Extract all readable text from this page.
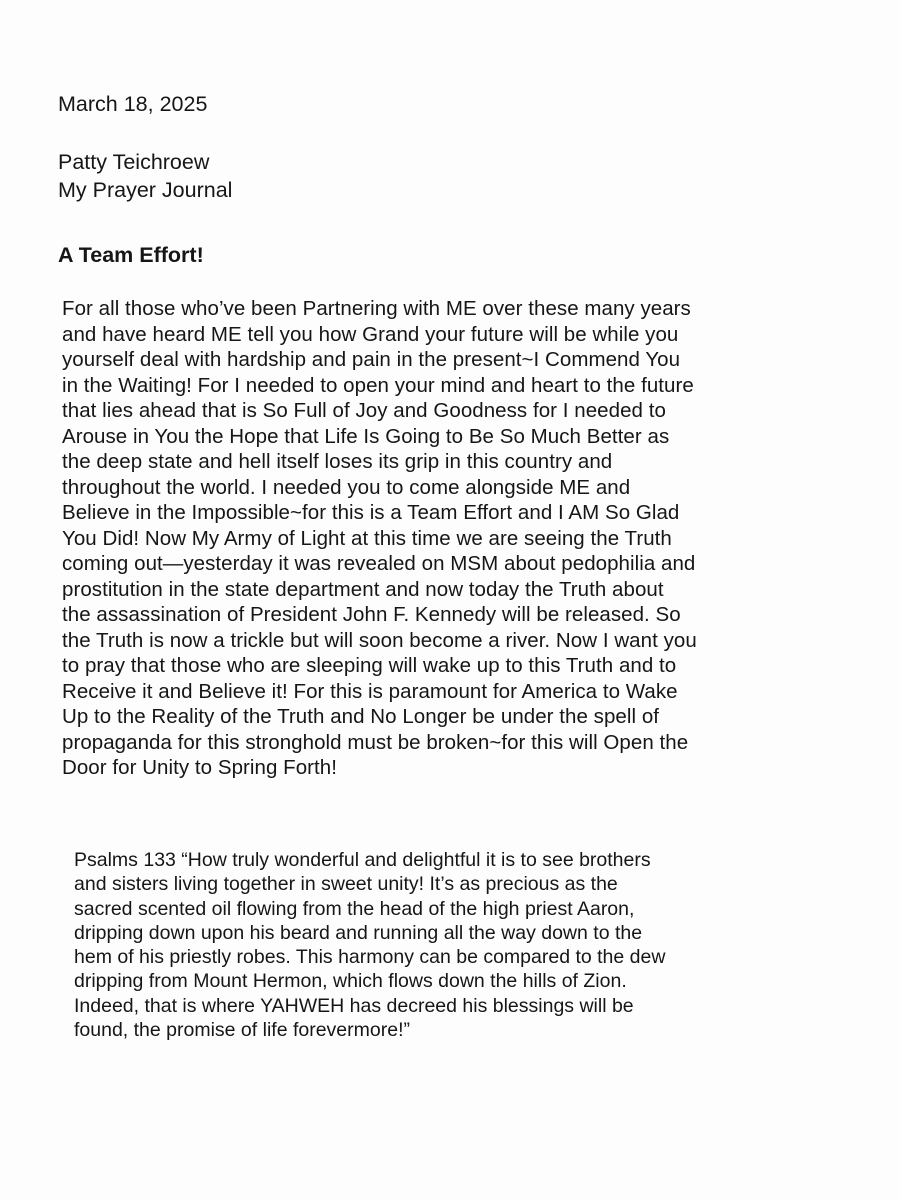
March 18, 2025
Patty Teichroew
My Prayer Journal
A Team Effort!
For all those who’ve been Partnering with ME over these many years
and have heard ME tell you how Grand your future will be while you
yourself deal with hardship and pain in the present~I Commend You
in the Waiting! For I needed to open your mind and heart to the future
that lies ahead that is So Full of Joy and Goodness for I needed to
Arouse in You the Hope that Life Is Going to Be So Much Better as
the deep state and hell itself loses its grip in this country and
throughout the world. I needed you to come alongside ME and
Believe in the Impossible~for this is a Team Effort and I AM So Glad
You Did! Now My Army of Light at this time we are seeing the Truth
coming out—yesterday it was revealed on MSM about pedophilia and
prostitution in the state department and now today the Truth about
the assassination of President John F. Kennedy will be released. So
the Truth is now a trickle but will soon become a river. Now I want you
to pray that those who are sleeping will wake up to this Truth and to
Receive it and Believe it! For this is paramount for America to Wake
Up to the Reality of the Truth and No Longer be under the spell of
propaganda for this stronghold must be broken~for this will Open the
Door for Unity to Spring Forth!
Psalms 133 “How truly wonderful and delightful it is to see brothers
and sisters living together in sweet unity! It’s as precious as the
sacred scented oil flowing from the head of the high priest Aaron,
dripping down upon his beard and running all the way down to the
hem of his priestly robes. This harmony can be compared to the dew
dripping from Mount Hermon, which flows down the hills of Zion.
Indeed, that is where YAHWEH has decreed his blessings will be
found, the promise of life forevermore!”
